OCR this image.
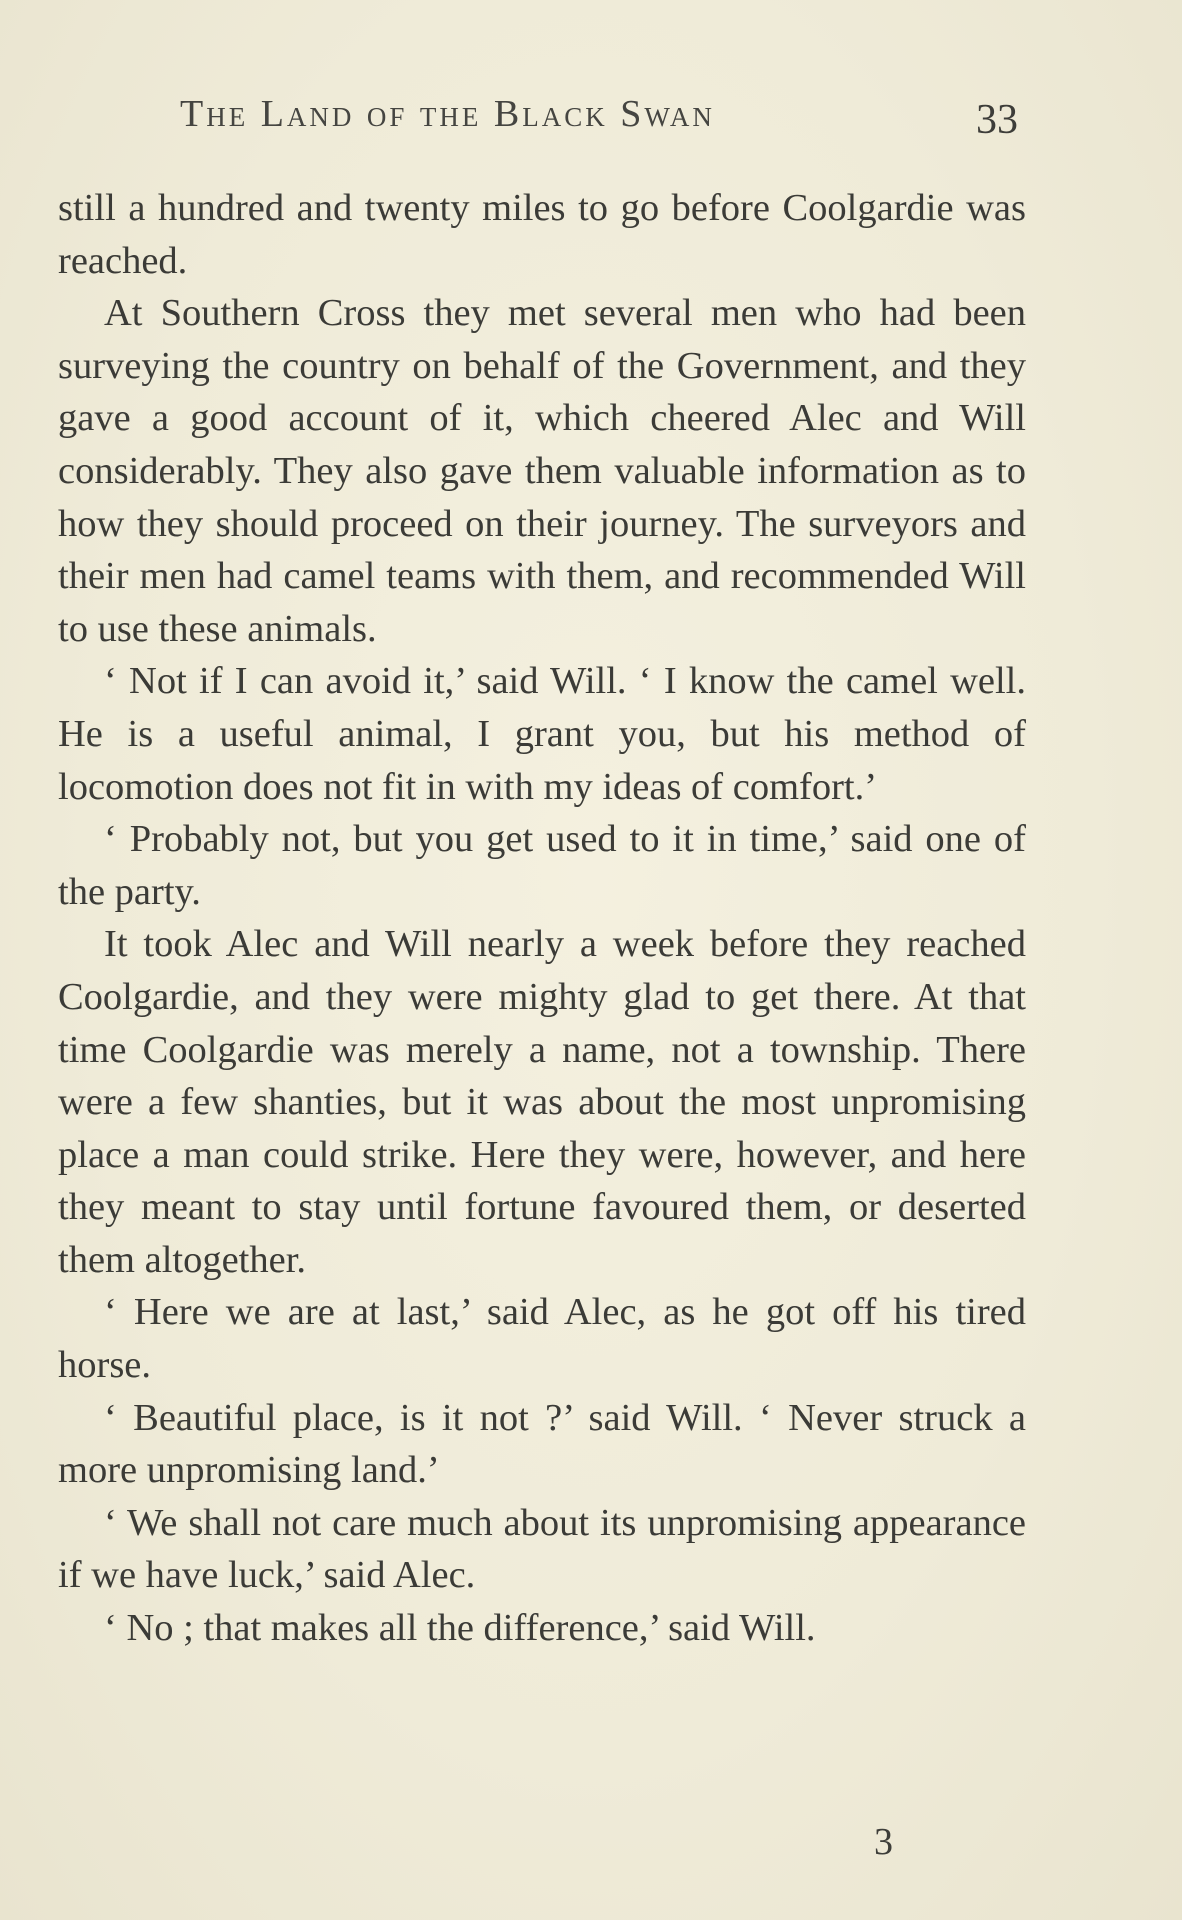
The Land of the Black Swan	33

still a hundred and twenty miles to go before Coolgardie was reached.

At Southern Cross they met several men who had been surveying the country on behalf of the Government, and they gave a good account of it, which cheered Alec and Will considerably. They also gave them valuable information as to how they should proceed on their journey. The surveyors and their men had camel teams with them, and recommended Will to use these animals.

‘ Not if I can avoid it,’ said Will. ‘ I know the camel well. He is a useful animal, I grant you, but his method of locomotion does not fit in with my ideas of comfort.’

‘ Probably not, but you get used to it in time,’ said one of the party.

It took Alec and Will nearly a week before they reached Coolgardie, and they were mighty glad to get there. At that time Coolgardie was merely a name, not a township. There were a few shanties, but it was about the most unpromising place a man could strike. Here they were, however, and here they meant to stay until fortune favoured them, or deserted them altogether.

‘ Here we are at last,’ said Alec, as he got off his tired horse.

‘ Beautiful place, is it not ?’ said Will. ‘ Never struck a more unpromising land.’

‘ We shall not care much about its unpromising appearance if we have luck,’ said Alec.

‘ No ; that makes all the difference,’ said Will.

3
